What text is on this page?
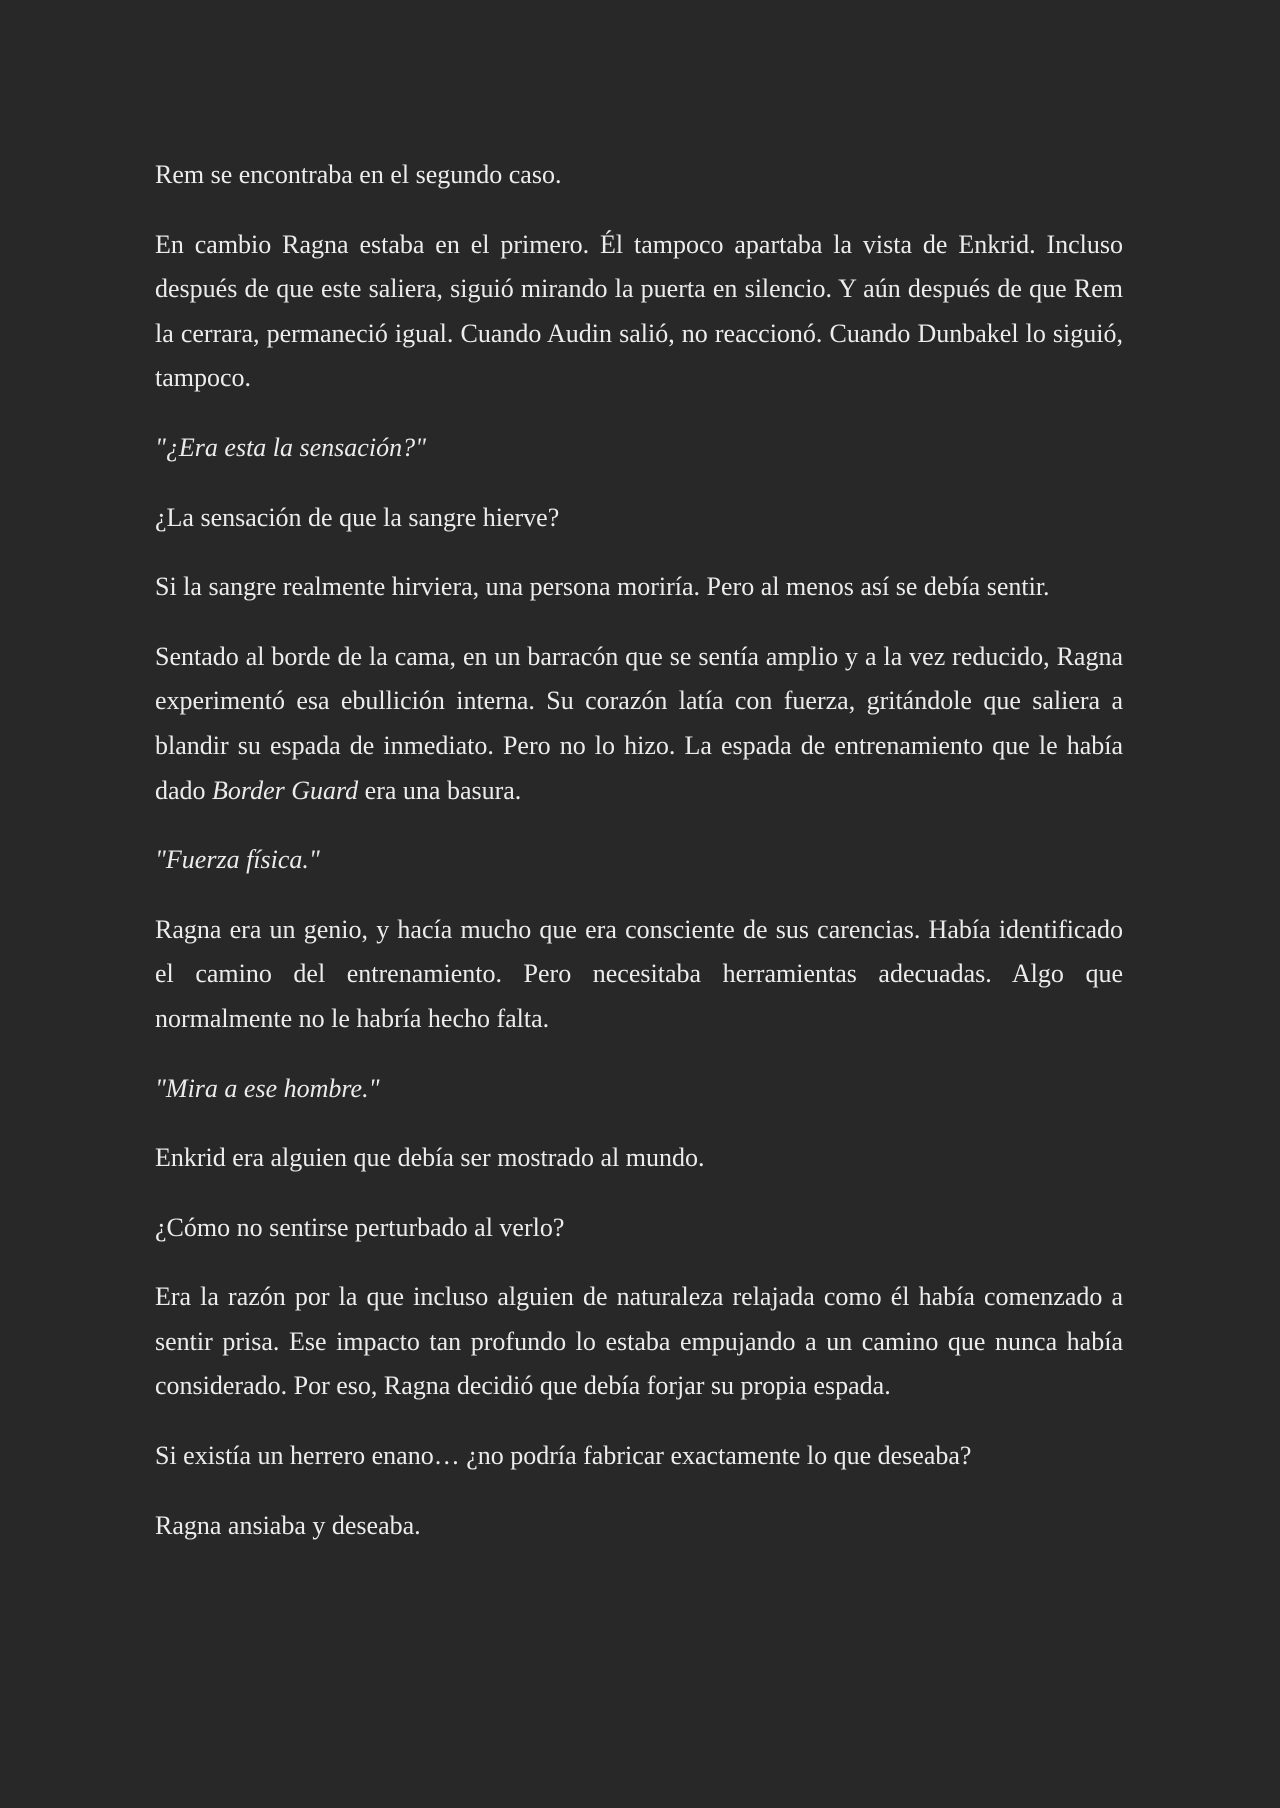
Rem se encontraba en el segundo caso.

En cambio Ragna estaba en el primero. Él tampoco apartaba la vista de Enkrid. Incluso después de que este saliera, siguió mirando la puerta en silencio. Y aún después de que Rem la cerrara, permaneció igual. Cuando Audin salió, no reaccionó. Cuando Dunbakel lo siguió, tampoco.

"¿Era esta la sensación?"

¿La sensación de que la sangre hierve?

Si la sangre realmente hirviera, una persona moriría. Pero al menos así se debía sentir.

Sentado al borde de la cama, en un barracón que se sentía amplio y a la vez reducido, Ragna experimentó esa ebullición interna. Su corazón latía con fuerza, gritándole que saliera a blandir su espada de inmediato. Pero no lo hizo. La espada de entrenamiento que le había dado Border Guard era una basura.

"Fuerza física."

Ragna era un genio, y hacía mucho que era consciente de sus carencias. Había identificado el camino del entrenamiento. Pero necesitaba herramientas adecuadas. Algo que normalmente no le habría hecho falta.

"Mira a ese hombre."

Enkrid era alguien que debía ser mostrado al mundo.

¿Cómo no sentirse perturbado al verlo?

Era la razón por la que incluso alguien de naturaleza relajada como él había comenzado a sentir prisa. Ese impacto tan profundo lo estaba empujando a un camino que nunca había considerado. Por eso, Ragna decidió que debía forjar su propia espada.

Si existía un herrero enano… ¿no podría fabricar exactamente lo que deseaba?

Ragna ansiaba y deseaba.
